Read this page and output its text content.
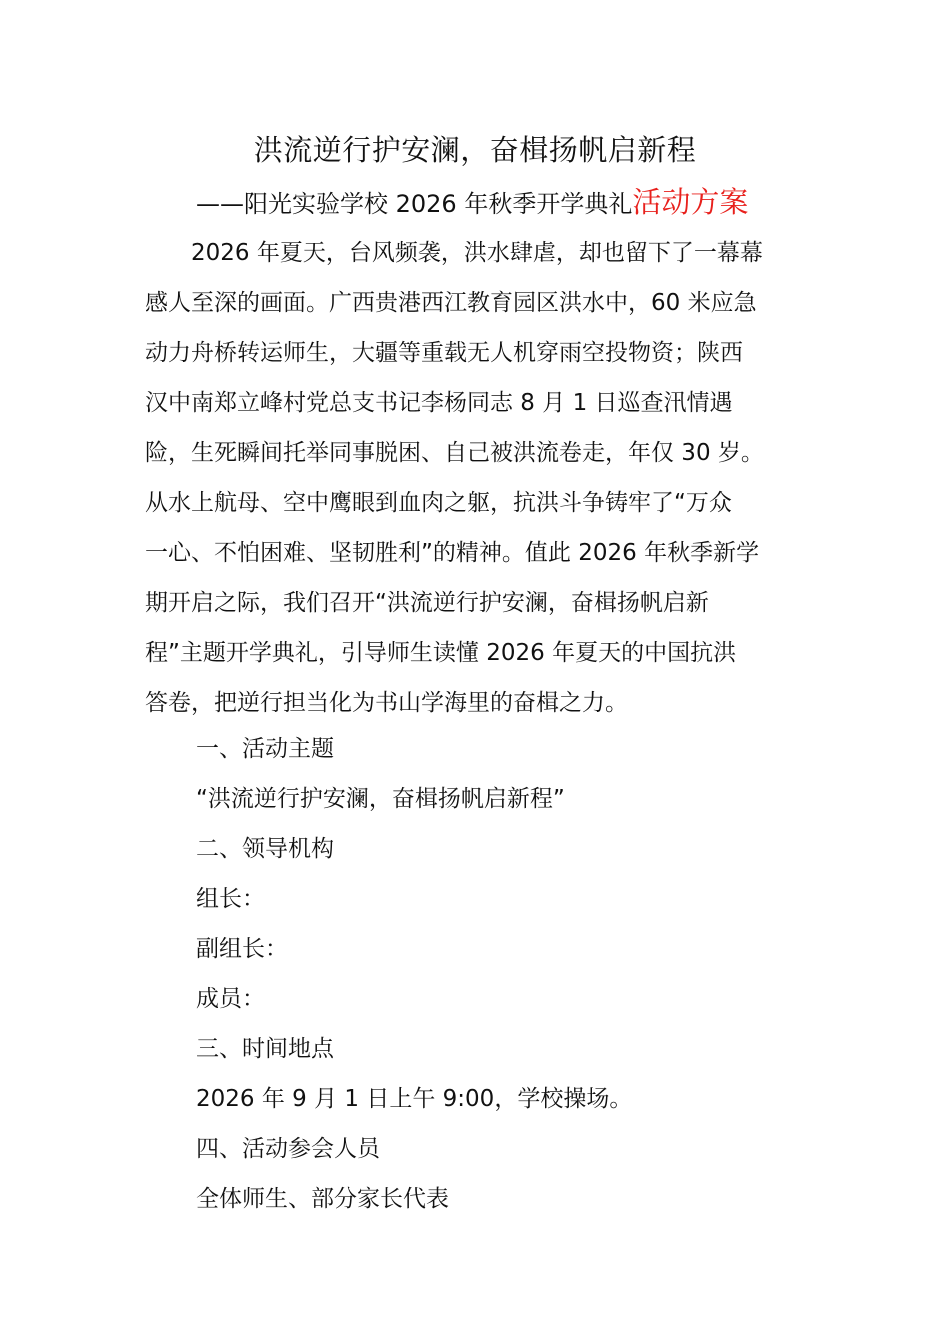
洪流逆行护安澜，奋楫扬帆启新程
——阳光实验学校 2026 年秋季开学典礼活动方案
　　2026 年夏天，台风频袭，洪水肆虐，却也留下了一幕幕
感人至深的画面。广西贵港西江教育园区洪水中，60 米应急
动力舟桥转运师生，大疆等重载无人机穿雨空投物资；陕西
汉中南郑立峰村党总支书记李杨同志 8 月 1 日巡查汛情遇
险，生死瞬间托举同事脱困、自己被洪流卷走，年仅 30 岁。
从水上航母、空中鹰眼到血肉之躯，抗洪斗争铸牢了“万众
一心、不怕困难、坚韧胜利”的精神。值此 2026 年秋季新学
期开启之际，我们召开“洪流逆行护安澜，奋楫扬帆启新
程”主题开学典礼，引导师生读懂 2026 年夏天的中国抗洪
答卷，把逆行担当化为书山学海里的奋楫之力。
一、活动主题
“洪流逆行护安澜，奋楫扬帆启新程”
二、领导机构
组长：
副组长：
成员：
三、时间地点
2026 年 9 月 1 日上午 9:00，学校操场。
四、活动参会人员
全体师生、部分家长代表
